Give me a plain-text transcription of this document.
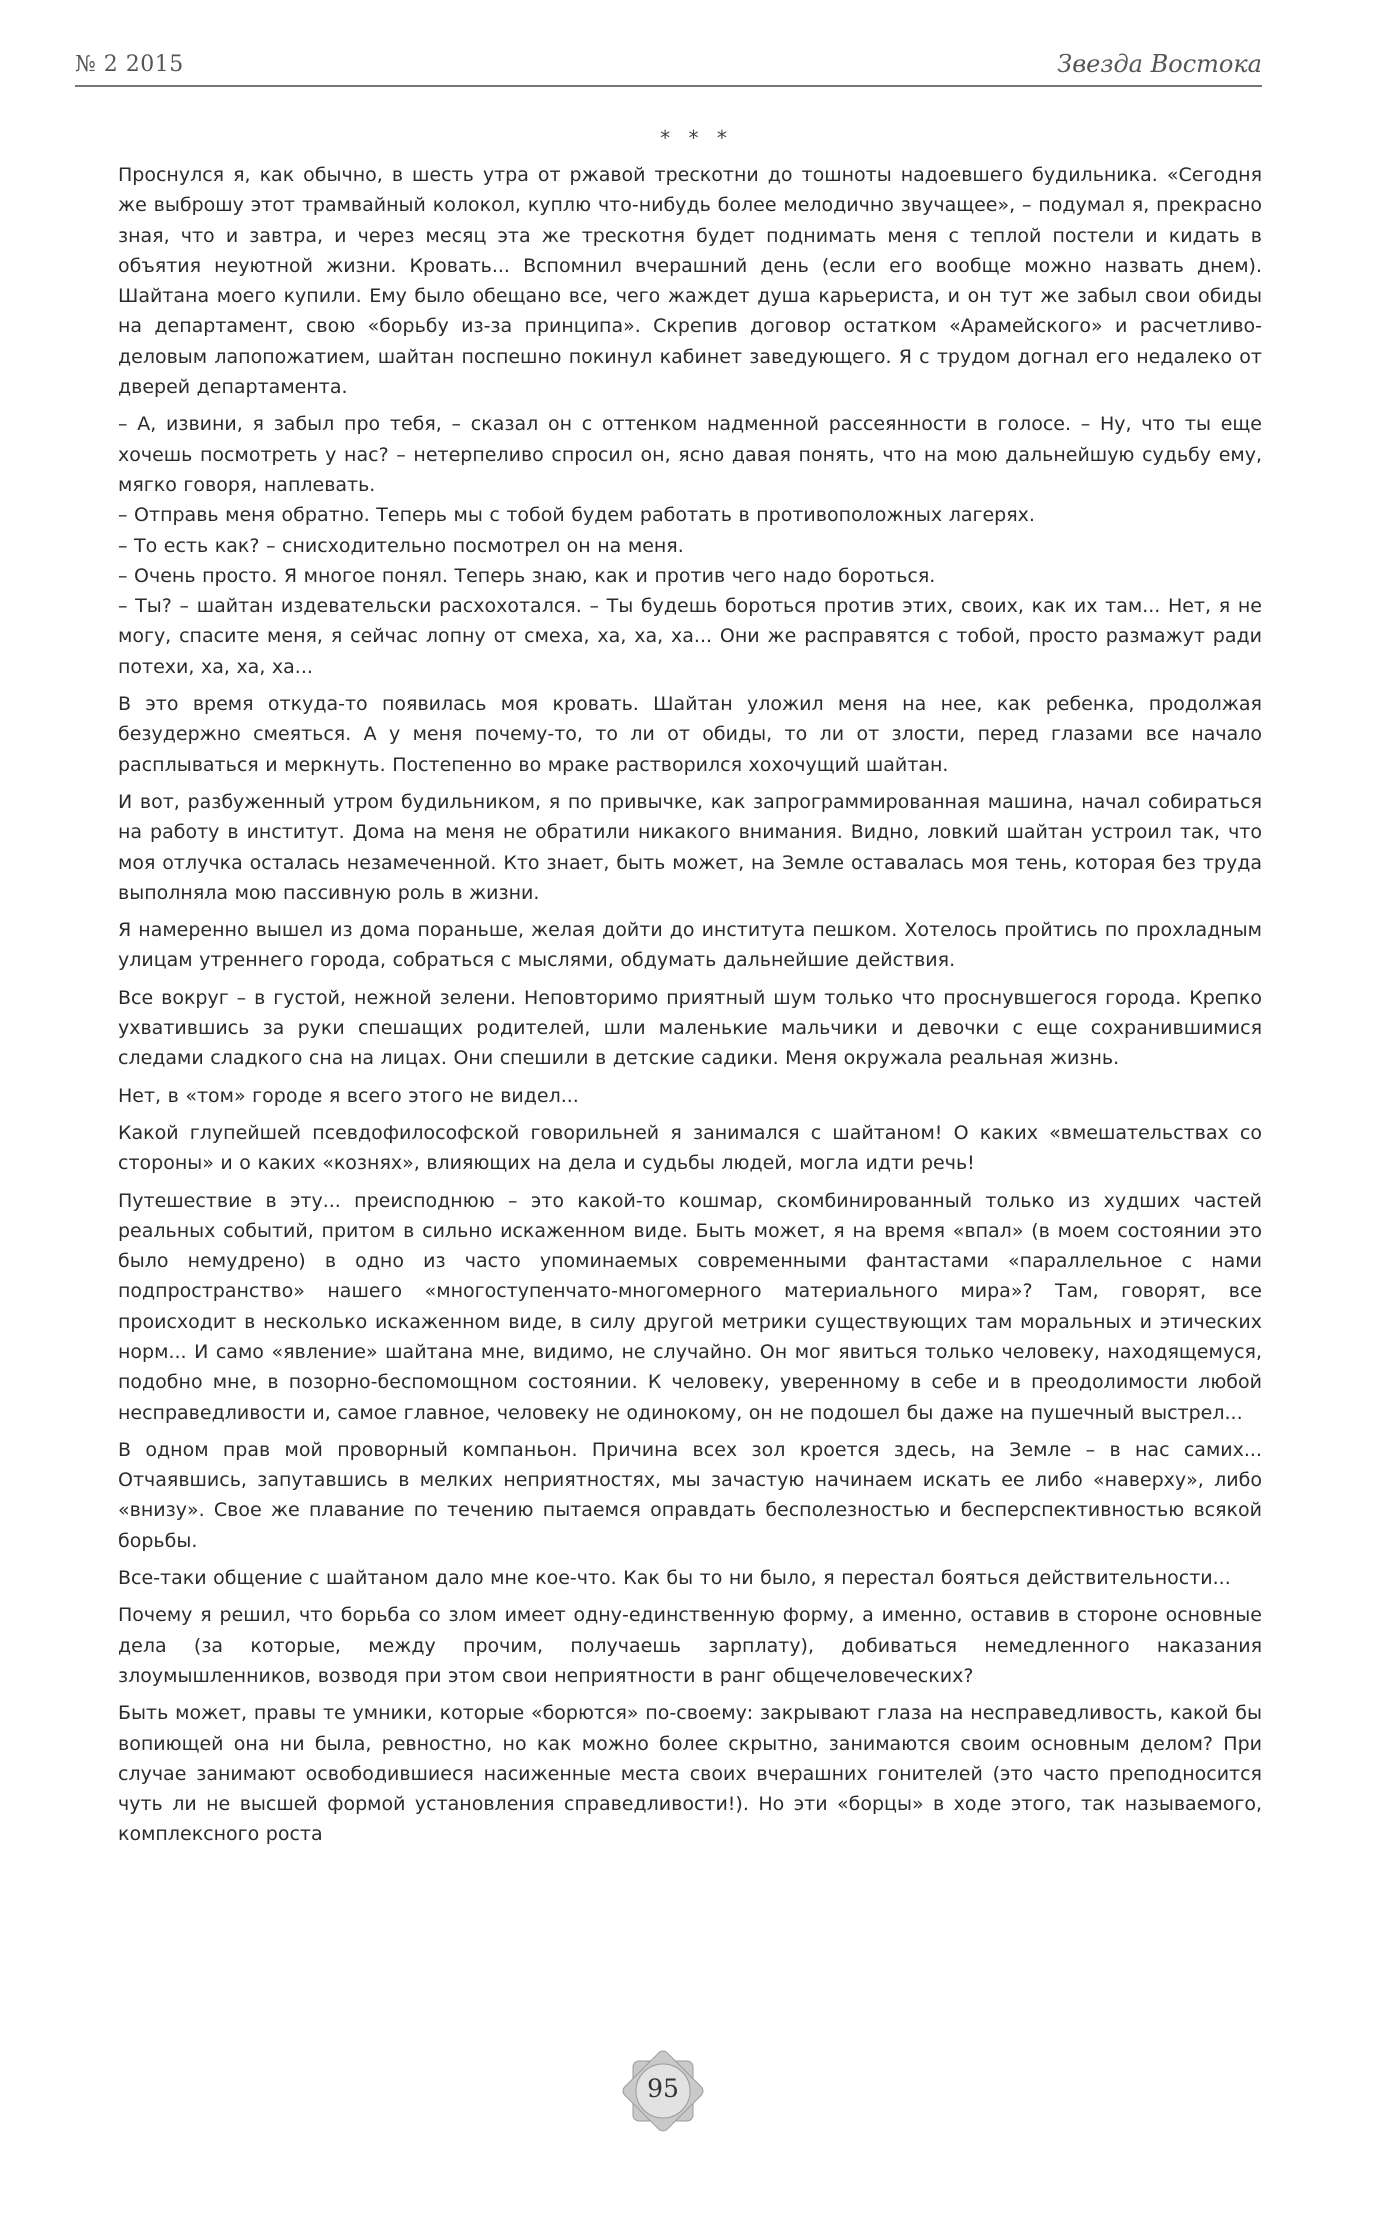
№ 2 2015	Звезда Востока
* * *

Проснулся я, как обычно, в шесть утра от ржавой трескотни до тошноты надоевшего будильника. «Сегодня же выброшу этот трамвайный колокол, куплю что-нибудь более мелодично звучащее», – подумал я, прекрасно зная, что и завтра, и через месяц эта же трескотня будет поднимать меня с теплой постели и кидать в объятия неуютной жизни. Кровать... Вспомнил вчерашний день (если его вообще можно назвать днем). Шайтана моего купили. Ему было обещано все, чего жаждет душа карьериста, и он тут же забыл свои обиды на департамент, свою «борьбу из-за принципа». Скрепив договор остатком «Арамейского» и расчетливо-деловым лапопожатием, шайтан поспешно покинул кабинет заведующего. Я с трудом догнал его недалеко от дверей департамента.

– А, извини, я забыл про тебя, – сказал он с оттенком надменной рассеянности в голосе. – Ну, что ты еще хочешь посмотреть у нас? – нетерпеливо спросил он, ясно давая понять, что на мою дальнейшую судьбу ему, мягко говоря, наплевать.

– Отправь меня обратно. Теперь мы с тобой будем работать в противоположных лагерях.

– То есть как? – снисходительно посмотрел он на меня.

– Очень просто. Я многое понял. Теперь знаю, как и против чего надо бороться.

– Ты? – шайтан издевательски расхохотался. – Ты будешь бороться против этих, своих, как их там... Нет, я не могу, спасите меня, я сейчас лопну от смеха, ха, ха, ха... Они же расправятся с тобой, просто размажут ради потехи, ха, ха, ха...

В это время откуда-то появилась моя кровать. Шайтан уложил меня на нее, как ребенка, продолжая безудержно смеяться. А у меня почему-то, то ли от обиды, то ли от злости, перед глазами все начало расплываться и меркнуть. Постепенно во мраке растворился хохочущий шайтан.

И вот, разбуженный утром будильником, я по привычке, как запрограммированная машина, начал собираться на работу в институт. Дома на меня не обратили никакого внимания. Видно, ловкий шайтан устроил так, что моя отлучка осталась незамеченной. Кто знает, быть может, на Земле оставалась моя тень, которая без труда выполняла мою пассивную роль в жизни.

Я намеренно вышел из дома пораньше, желая дойти до института пешком. Хотелось пройтись по прохладным улицам утреннего города, собраться с мыслями, обдумать дальнейшие действия.

Все вокруг – в густой, нежной зелени. Неповторимо приятный шум только что проснувшегося города. Крепко ухватившись за руки спешащих родителей, шли маленькие мальчики и девочки с еще сохранившимися следами сладкого сна на лицах. Они спешили в детские садики. Меня окружала реальная жизнь.

Нет, в «том» городе я всего этого не видел...

Какой глупейшей псевдофилософской говорильней я занимался с шайтаном! О каких «вмешательствах со стороны» и о каких «кознях», влияющих на дела и судьбы людей, могла идти речь!

Путешествие в эту... преисподнюю – это какой-то кошмар, скомбинированный только из худших частей реальных событий, притом в сильно искаженном виде. Быть может, я на время «впал» (в моем состоянии это было немудрено) в одно из часто упоминаемых современными фантастами «параллельное с нами подпространство» нашего «многоступенчато-многомерного материального мира»? Там, говорят, все происходит в несколько искаженном виде, в силу другой метрики существующих там моральных и этических норм... И само «явление» шайтана мне, видимо, не случайно. Он мог явиться только человеку, находящемуся, подобно мне, в позорно-беспомощном состоянии. К человеку, уверенному в себе и в преодолимости любой несправедливости и, самое главное, человеку не одинокому, он не подошел бы даже на пушечный выстрел...

В одном прав мой проворный компаньон. Причина всех зол кроется здесь, на Земле – в нас самих... Отчаявшись, запутавшись в мелких неприятностях, мы зачастую начинаем искать ее либо «наверху», либо «внизу». Свое же плавание по течению пытаемся оправдать бесполезностью и бесперспективностью всякой борьбы.

Все-таки общение с шайтаном дало мне кое-что. Как бы то ни было, я перестал бояться действительности...

Почему я решил, что борьба со злом имеет одну-единственную форму, а именно, оставив в стороне основные дела (за которые, между прочим, получаешь зарплату), добиваться немедленного наказания злоумышленников, возводя при этом свои неприятности в ранг общечеловеческих?

Быть может, правы те умники, которые «борются» по-своему: закрывают глаза на несправедливость, какой бы вопиющей она ни была, ревностно, но как можно более скрытно, занимаются своим основным делом? При случае занимают освободившиеся насиженные места своих вчерашних гонителей (это часто преподносится чуть ли не высшей формой установления справедливости!). Но эти «борцы» в ходе этого, так называемого, комплексного роста

95
